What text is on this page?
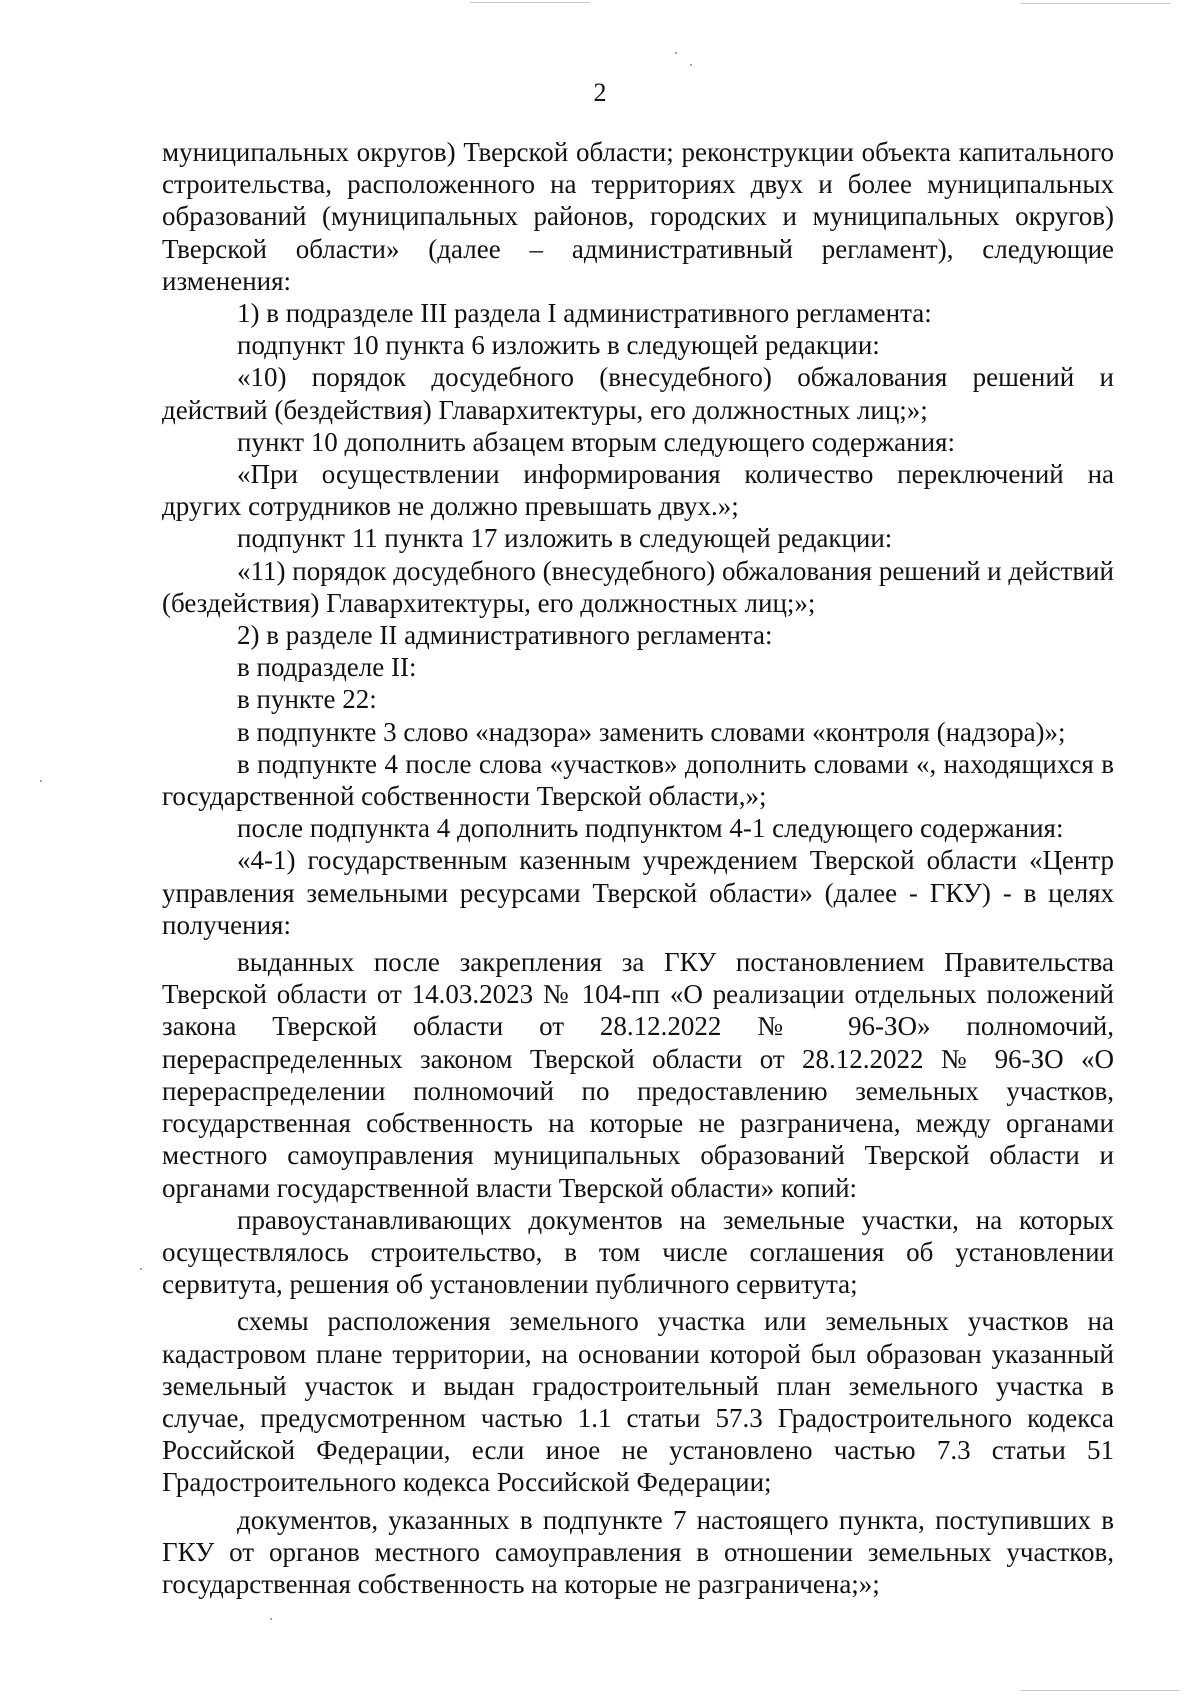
2

муниципальных округов) Тверской области; реконструкции объекта капитального строительства, расположенного на территориях двух и более муниципальных образований (муниципальных районов, городских и муниципальных округов) Тверской области» (далее – административный регламент), следующие изменения:

1) в подразделе III раздела I административного регламента:

подпункт 10 пункта 6 изложить в следующей редакции:

«10) порядок досудебного (внесудебного) обжалования решений и действий (бездействия) Главархитектуры, его должностных лиц;»;

пункт 10 дополнить абзацем вторым следующего содержания:

«При осуществлении информирования количество переключений на других сотрудников не должно превышать двух.»;

подпункт 11 пункта 17 изложить в следующей редакции:

«11) порядок досудебного (внесудебного) обжалования решений и действий (бездействия) Главархитектуры, его должностных лиц;»;

2) в разделе II административного регламента:

в подразделе II:

в пункте 22:

в подпункте 3 слово «надзора» заменить словами «контроля (надзора)»;

в подпункте 4 после слова «участков» дополнить словами «, находящихся в государственной собственности Тверской области,»;

после подпункта 4 дополнить подпунктом 4-1 следующего содержания:

«4-1) государственным казенным учреждением Тверской области «Центр управления земельными ресурсами Тверской области» (далее - ГКУ) - в целях получения:

выданных после закрепления за ГКУ постановлением Правительства Тверской области от 14.03.2023 № 104-пп «О реализации отдельных положений закона Тверской области от 28.12.2022 № 96-ЗО» полномочий, перераспределенных законом Тверской области от 28.12.2022 № 96-ЗО «О перераспределении полномочий по предоставлению земельных участков, государственная собственность на которые не разграничена, между органами местного самоуправления муниципальных образований Тверской области и органами государственной власти Тверской области» копий:

правоустанавливающих документов на земельные участки, на которых осуществлялось строительство, в том числе соглашения об установлении сервитута, решения об установлении публичного сервитута;

схемы расположения земельного участка или земельных участков на кадастровом плане территории, на основании которой был образован указанный земельный участок и выдан градостроительный план земельного участка в случае, предусмотренном частью 1.1 статьи 57.3 Градостроительного кодекса Российской Федерации, если иное не установлено частью 7.3 статьи 51 Градостроительного кодекса Российской Федерации;

документов, указанных в подпункте 7 настоящего пункта, поступивших в ГКУ от органов местного самоуправления в отношении земельных участков, государственная собственность на которые не разграничена;»;
